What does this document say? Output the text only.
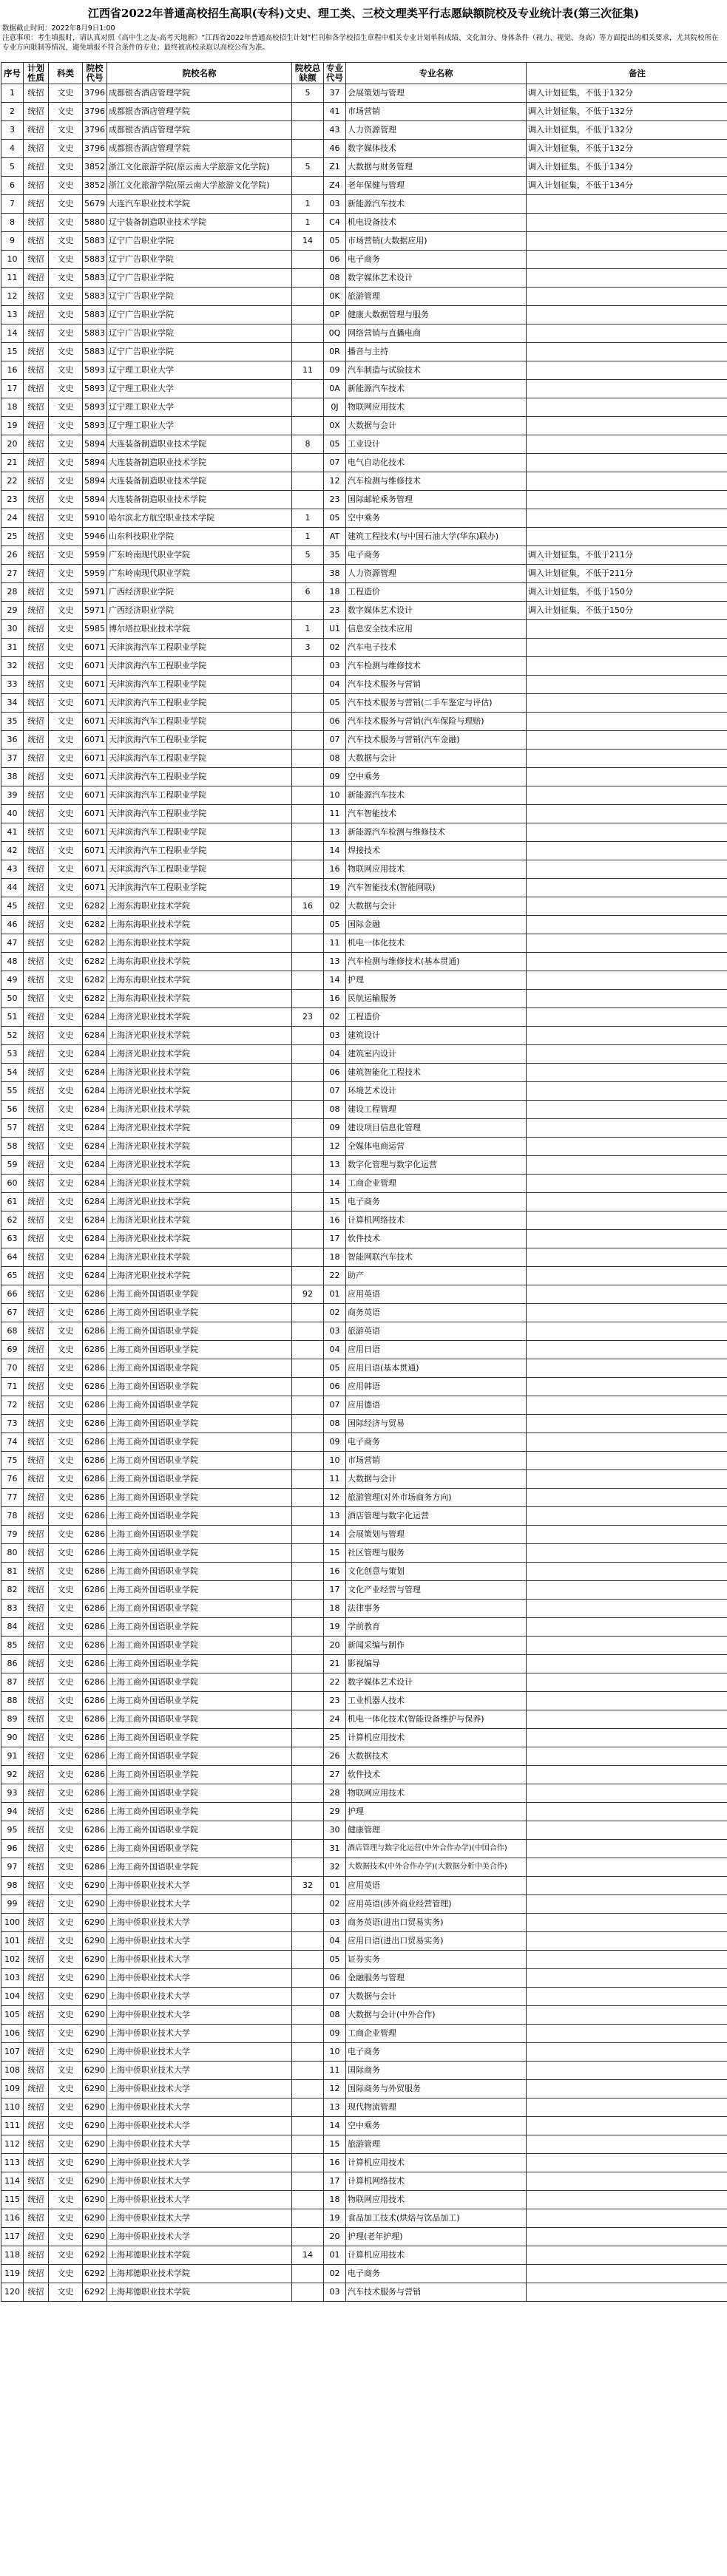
江西省2022年普通高校招生高职(专科)文史、理工类、三校文理类平行志愿缺额院校及专业统计表(第三次征集)
数据截止时间：2022年8月9日1:00
注意事项：考生填报时，请认真对照《高中生之友-高考天地新》“江西省2022年普通高校招生计划”栏刊和各学校招生章程中相关专业计划单科成绩、文化加分、身体条件（视力、视觉、身高）等方面提出的相关要求，尤其院校所在专业方向限制等情况，避免填报不符合条件的专业；最终被高校录取以高校公布为准。
序号	计划性质	科类	院校代号	院校名称	院校总缺额	专业代号	专业名称	备注
1	统招	文史	3796	成都银杏酒店管理学院	5	37	会展策划与管理	调入计划征集，不低于132分
2	统招	文史	3796	成都银杏酒店管理学院		41	市场营销	调入计划征集，不低于132分
3	统招	文史	3796	成都银杏酒店管理学院		43	人力资源管理	调入计划征集，不低于132分
4	统招	文史	3796	成都银杏酒店管理学院		46	数字媒体技术	调入计划征集，不低于132分
5	统招	文史	3852	浙江文化旅游学院(原云南大学旅游文化学院)	5	Z1	大数据与财务管理	调入计划征集，不低于134分
6	统招	文史	3852	浙江文化旅游学院(原云南大学旅游文化学院)		Z4	老年保健与管理	调入计划征集，不低于134分
7	统招	文史	5679	大连汽车职业技术学院	1	03	新能源汽车技术	
8	统招	文史	5880	辽宁装备制造职业技术学院	1	C4	机电设备技术	
9	统招	文史	5883	辽宁广告职业学院	14	05	市场营销(大数据应用)	
10	统招	文史	5883	辽宁广告职业学院		06	电子商务	
11	统招	文史	5883	辽宁广告职业学院		08	数字媒体艺术设计	
12	统招	文史	5883	辽宁广告职业学院		0K	旅游管理	
13	统招	文史	5883	辽宁广告职业学院		0P	健康大数据管理与服务	
14	统招	文史	5883	辽宁广告职业学院		0Q	网络营销与直播电商	
15	统招	文史	5883	辽宁广告职业学院		0R	播音与主持	
16	统招	文史	5893	辽宁理工职业大学	11	09	汽车制造与试验技术	
17	统招	文史	5893	辽宁理工职业大学		0A	新能源汽车技术	
18	统招	文史	5893	辽宁理工职业大学		0J	物联网应用技术	
19	统招	文史	5893	辽宁理工职业大学		0X	大数据与会计	
20	统招	文史	5894	大连装备制造职业技术学院	8	05	工业设计	
21	统招	文史	5894	大连装备制造职业技术学院		07	电气自动化技术	
22	统招	文史	5894	大连装备制造职业技术学院		12	汽车检测与维修技术	
23	统招	文史	5894	大连装备制造职业技术学院		23	国际邮轮乘务管理	
24	统招	文史	5910	哈尔滨北方航空职业技术学院	1	05	空中乘务	
25	统招	文史	5946	山东科技职业学院	1	AT	建筑工程技术(与中国石油大学(华东)联办)	
26	统招	文史	5959	广东岭南现代职业学院	5	35	电子商务	调入计划征集，不低于211分
27	统招	文史	5959	广东岭南现代职业学院		38	人力资源管理	调入计划征集，不低于211分
28	统招	文史	5971	广西经济职业学院	6	18	工程造价	调入计划征集，不低于150分
29	统招	文史	5971	广西经济职业学院		23	数字媒体艺术设计	调入计划征集，不低于150分
30	统招	文史	5985	博尔塔拉职业技术学院	1	U1	信息安全技术应用	
31	统招	文史	6071	天津滨海汽车工程职业学院	3	02	汽车电子技术	
32	统招	文史	6071	天津滨海汽车工程职业学院		03	汽车检测与维修技术	
33	统招	文史	6071	天津滨海汽车工程职业学院		04	汽车技术服务与营销	
34	统招	文史	6071	天津滨海汽车工程职业学院		05	汽车技术服务与营销(二手车鉴定与评估)	
35	统招	文史	6071	天津滨海汽车工程职业学院		06	汽车技术服务与营销(汽车保险与理赔)	
36	统招	文史	6071	天津滨海汽车工程职业学院		07	汽车技术服务与营销(汽车金融)	
37	统招	文史	6071	天津滨海汽车工程职业学院		08	大数据与会计	
38	统招	文史	6071	天津滨海汽车工程职业学院		09	空中乘务	
39	统招	文史	6071	天津滨海汽车工程职业学院		10	新能源汽车技术	
40	统招	文史	6071	天津滨海汽车工程职业学院		11	汽车智能技术	
41	统招	文史	6071	天津滨海汽车工程职业学院		13	新能源汽车检测与维修技术	
42	统招	文史	6071	天津滨海汽车工程职业学院		14	焊接技术	
43	统招	文史	6071	天津滨海汽车工程职业学院		16	物联网应用技术	
44	统招	文史	6071	天津滨海汽车工程职业学院		19	汽车智能技术(智能网联)	
45	统招	文史	6282	上海东海职业技术学院	16	02	大数据与会计	
46	统招	文史	6282	上海东海职业技术学院		05	国际金融	
47	统招	文史	6282	上海东海职业技术学院		11	机电一体化技术	
48	统招	文史	6282	上海东海职业技术学院		13	汽车检测与维修技术(基本贯通)	
49	统招	文史	6282	上海东海职业技术学院		14	护理	
50	统招	文史	6282	上海东海职业技术学院		16	民航运输服务	
51	统招	文史	6284	上海济光职业技术学院	23	02	工程造价	
52	统招	文史	6284	上海济光职业技术学院		03	建筑设计	
53	统招	文史	6284	上海济光职业技术学院		04	建筑室内设计	
54	统招	文史	6284	上海济光职业技术学院		06	建筑智能化工程技术	
55	统招	文史	6284	上海济光职业技术学院		07	环境艺术设计	
56	统招	文史	6284	上海济光职业技术学院		08	建设工程管理	
57	统招	文史	6284	上海济光职业技术学院		09	建设项目信息化管理	
58	统招	文史	6284	上海济光职业技术学院		12	全媒体电商运营	
59	统招	文史	6284	上海济光职业技术学院		13	数字化管理与数字化运营	
60	统招	文史	6284	上海济光职业技术学院		14	工商企业管理	
61	统招	文史	6284	上海济光职业技术学院		15	电子商务	
62	统招	文史	6284	上海济光职业技术学院		16	计算机网络技术	
63	统招	文史	6284	上海济光职业技术学院		17	软件技术	
64	统招	文史	6284	上海济光职业技术学院		18	智能网联汽车技术	
65	统招	文史	6284	上海济光职业技术学院		22	助产	
66	统招	文史	6286	上海工商外国语职业学院	92	01	应用英语	
67	统招	文史	6286	上海工商外国语职业学院		02	商务英语	
68	统招	文史	6286	上海工商外国语职业学院		03	旅游英语	
69	统招	文史	6286	上海工商外国语职业学院		04	应用日语	
70	统招	文史	6286	上海工商外国语职业学院		05	应用日语(基本贯通)	
71	统招	文史	6286	上海工商外国语职业学院		06	应用韩语	
72	统招	文史	6286	上海工商外国语职业学院		07	应用德语	
73	统招	文史	6286	上海工商外国语职业学院		08	国际经济与贸易	
74	统招	文史	6286	上海工商外国语职业学院		09	电子商务	
75	统招	文史	6286	上海工商外国语职业学院		10	市场营销	
76	统招	文史	6286	上海工商外国语职业学院		11	大数据与会计	
77	统招	文史	6286	上海工商外国语职业学院		12	旅游管理(对外市场商务方向)	
78	统招	文史	6286	上海工商外国语职业学院		13	酒店管理与数字化运营	
79	统招	文史	6286	上海工商外国语职业学院		14	会展策划与管理	
80	统招	文史	6286	上海工商外国语职业学院		15	社区管理与服务	
81	统招	文史	6286	上海工商外国语职业学院		16	文化创意与策划	
82	统招	文史	6286	上海工商外国语职业学院		17	文化产业经营与管理	
83	统招	文史	6286	上海工商外国语职业学院		18	法律事务	
84	统招	文史	6286	上海工商外国语职业学院		19	学前教育	
85	统招	文史	6286	上海工商外国语职业学院		20	新闻采编与制作	
86	统招	文史	6286	上海工商外国语职业学院		21	影视编导	
87	统招	文史	6286	上海工商外国语职业学院		22	数字媒体艺术设计	
88	统招	文史	6286	上海工商外国语职业学院		23	工业机器人技术	
89	统招	文史	6286	上海工商外国语职业学院		24	机电一体化技术(智能设备维护与保养)	
90	统招	文史	6286	上海工商外国语职业学院		25	计算机应用技术	
91	统招	文史	6286	上海工商外国语职业学院		26	大数据技术	
92	统招	文史	6286	上海工商外国语职业学院		27	软件技术	
93	统招	文史	6286	上海工商外国语职业学院		28	物联网应用技术	
94	统招	文史	6286	上海工商外国语职业学院		29	护理	
95	统招	文史	6286	上海工商外国语职业学院		30	健康管理	
96	统招	文史	6286	上海工商外国语职业学院		31	酒店管理与数字化运营(中外合作办学)(中国合作)	
97	统招	文史	6286	上海工商外国语职业学院		32	大数据技术(中外合作办学)(大数据分析中美合作)	
98	统招	文史	6290	上海中侨职业技术大学	32	01	应用英语	
99	统招	文史	6290	上海中侨职业技术大学		02	应用英语(涉外商业经营管理)	
100	统招	文史	6290	上海中侨职业技术大学		03	商务英语(进出口贸易实务)	
101	统招	文史	6290	上海中侨职业技术大学		04	应用日语(进出口贸易实务)	
102	统招	文史	6290	上海中侨职业技术大学		05	证券实务	
103	统招	文史	6290	上海中侨职业技术大学		06	金融服务与管理	
104	统招	文史	6290	上海中侨职业技术大学		07	大数据与会计	
105	统招	文史	6290	上海中侨职业技术大学		08	大数据与会计(中外合作)	
106	统招	文史	6290	上海中侨职业技术大学		09	工商企业管理	
107	统招	文史	6290	上海中侨职业技术大学		10	电子商务	
108	统招	文史	6290	上海中侨职业技术大学		11	国际商务	
109	统招	文史	6290	上海中侨职业技术大学		12	国际商务与外贸服务	
110	统招	文史	6290	上海中侨职业技术大学		13	现代物流管理	
111	统招	文史	6290	上海中侨职业技术大学		14	空中乘务	
112	统招	文史	6290	上海中侨职业技术大学		15	旅游管理	
113	统招	文史	6290	上海中侨职业技术大学		16	计算机应用技术	
114	统招	文史	6290	上海中侨职业技术大学		17	计算机网络技术	
115	统招	文史	6290	上海中侨职业技术大学		18	物联网应用技术	
116	统招	文史	6290	上海中侨职业技术大学		19	食品加工技术(烘焙与饮品加工)	
117	统招	文史	6290	上海中侨职业技术大学		20	护理(老年护理)	
118	统招	文史	6292	上海邦德职业技术学院	14	01	计算机应用技术	
119	统招	文史	6292	上海邦德职业技术学院		02	电子商务	
120	统招	文史	6292	上海邦德职业技术学院		03	汽车技术服务与营销	
